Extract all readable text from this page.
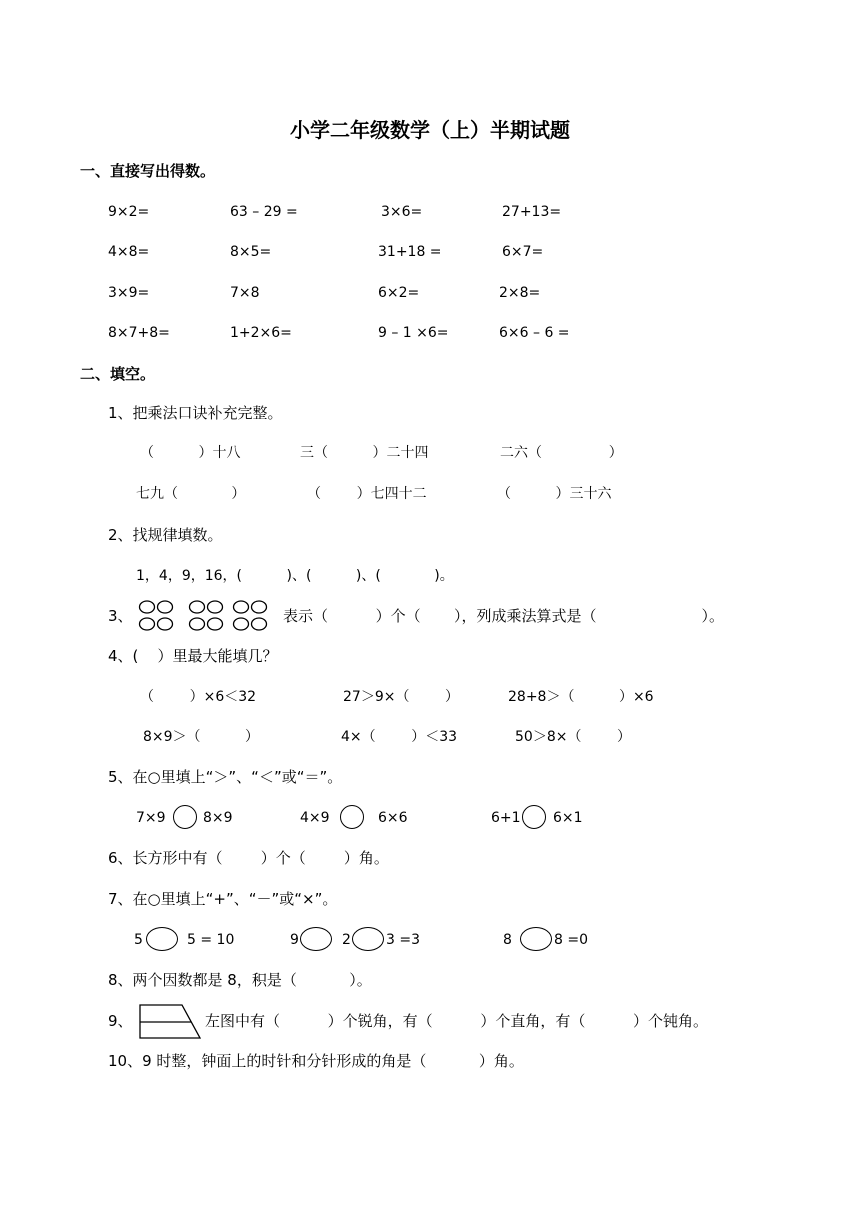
小学二年级数学（上）半期试题
一、直接写出得数。
9×2=	63 – 29 =	3×6=	27+13=
4×8=	8×5=	31+18 =	6×7=
3×9=	7×8	6×2=	2×8=
8×7+8=	1+2×6=	9 – 1 ×6=	6×6 – 6 =
二、填空。
1、把乘法口诀补充完整。
（          ）十八	三（          ）二十四	二六（               ）
七九（            ）	（        ）七四十二	（          ）三十六
2、找规律填数。
1，4，9，16，(          )、(          )、(            )。
3、	表示（          ）个（       ），列成乘法算式是（                      ）。
4、(    ）里最大能填几？
（        ）×6＜32	27＞9×（        ）	28+8＞（          ）×6
8×9＞（          ）	4×（        ）＜33	50＞8×（        ）
5、在○里填上“＞”、“＜”或“＝”。
7×9	8×9	4×9	6×6	6+1 6×1
6、长方形中有（        ）个（        ）角。
7、在○里填上“+”、“－”或“×”。
5	5 = 10	9	2	3 =3	8	8 =0
8、两个因数都是 8，积是（           ）。
9、	左图中有（          ）个锐角，有（          ）个直角，有（          ）个钝角。
10、9 时整，钟面上的时针和分针形成的角是（           ）角。
